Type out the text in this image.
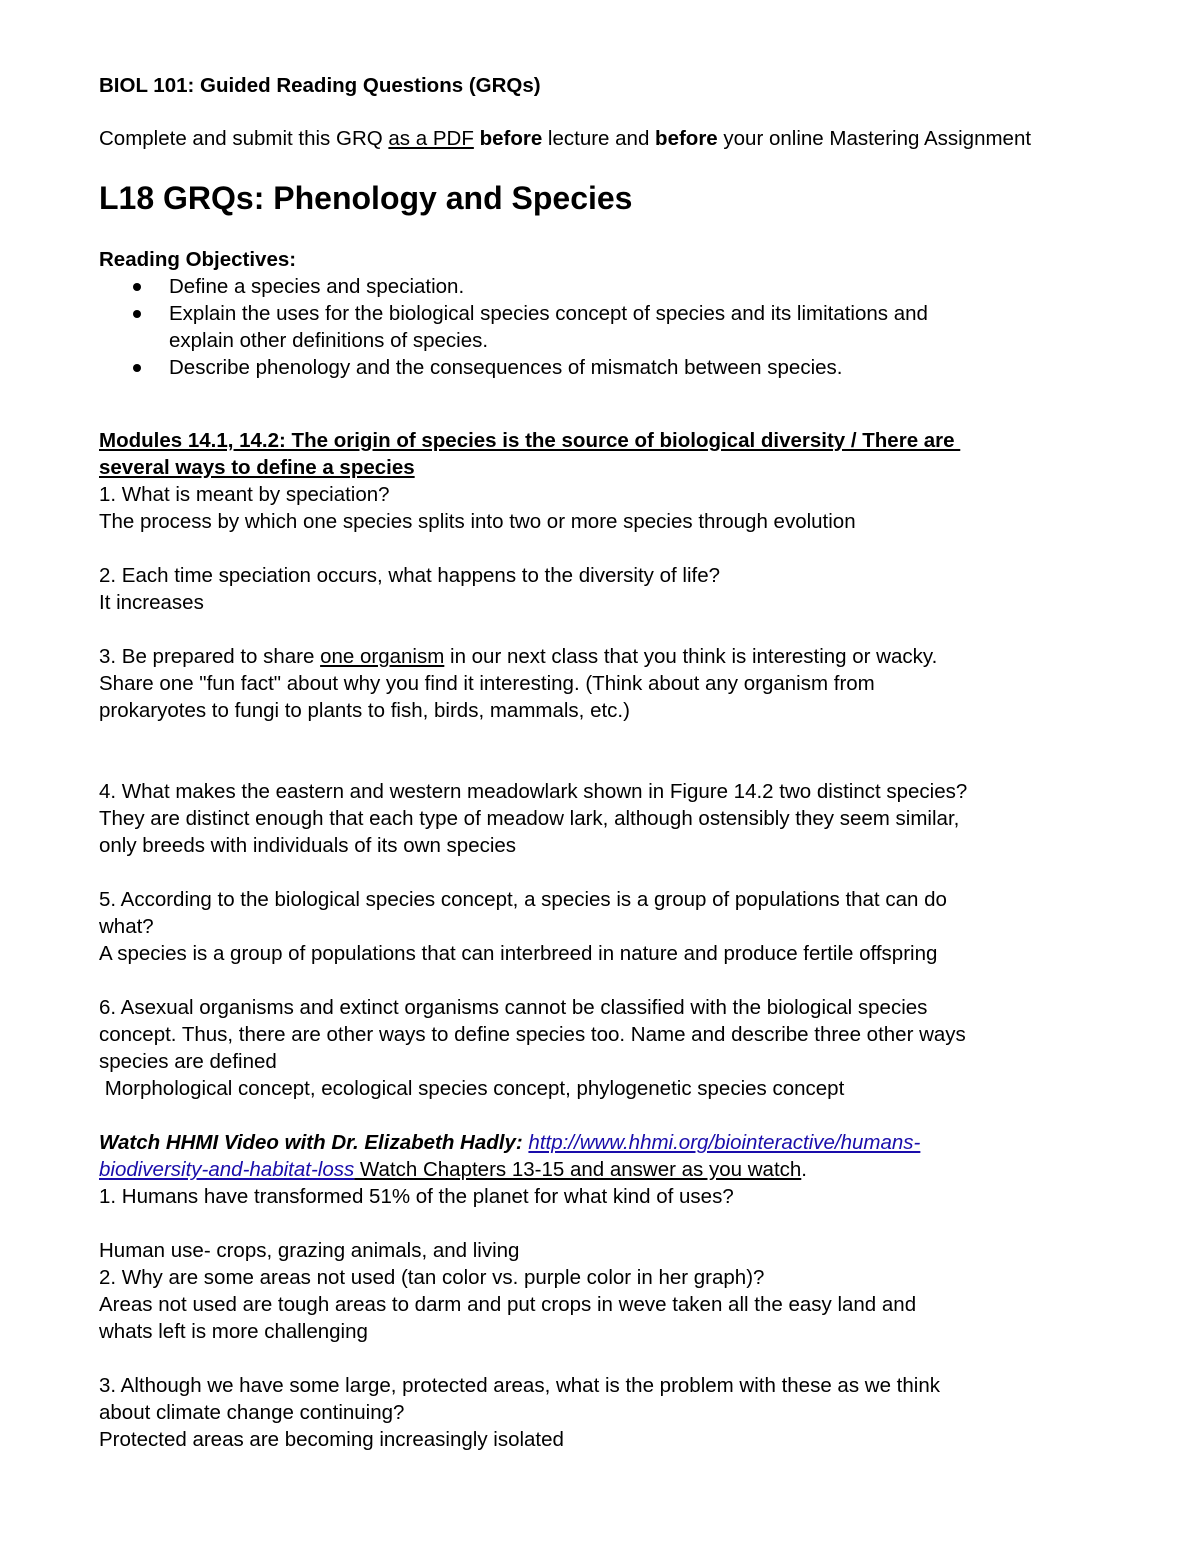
BIOL 101: Guided Reading Questions (GRQs)
Complete and submit this GRQ as a PDF before lecture and before your online Mastering Assignment
L18 GRQs: Phenology and Species
Reading Objectives:
Define a species and speciation.
Explain the uses for the biological species concept of species and its limitations and
explain other definitions of species.
Describe phenology and the consequences of mismatch between species.
Modules 14.1, 14.2: The origin of species is the source of biological diversity / There are
several ways to define a species
1. What is meant by speciation?
The process by which one species splits into two or more species through evolution
2. Each time speciation occurs, what happens to the diversity of life?
It increases
3. Be prepared to share one organism in our next class that you think is interesting or wacky.
Share one "fun fact" about why you find it interesting. (Think about any organism from
prokaryotes to fungi to plants to fish, birds, mammals, etc.)
4. What makes the eastern and western meadowlark shown in Figure 14.2 two distinct species?
They are distinct enough that each type of meadow lark, although ostensibly they seem similar,
only breeds with individuals of its own species
5. According to the biological species concept, a species is a group of populations that can do
what?
A species is a group of populations that can interbreed in nature and produce fertile offspring
6. Asexual organisms and extinct organisms cannot be classified with the biological species
concept. Thus, there are other ways to define species too. Name and describe three other ways
species are defined
Morphological concept, ecological species concept, phylogenetic species concept
Watch HHMI Video with Dr. Elizabeth Hadly: http://www.hhmi.org/biointeractive/humans-
biodiversity-and-habitat-loss Watch Chapters 13-15 and answer as you watch.
1. Humans have transformed 51% of the planet for what kind of uses?
Human use- crops, grazing animals, and living
2. Why are some areas not used (tan color vs. purple color in her graph)?
Areas not used are tough areas to darm and put crops in weve taken all the easy land and
whats left is more challenging
3. Although we have some large, protected areas, what is the problem with these as we think
about climate change continuing?
Protected areas are becoming increasingly isolated
